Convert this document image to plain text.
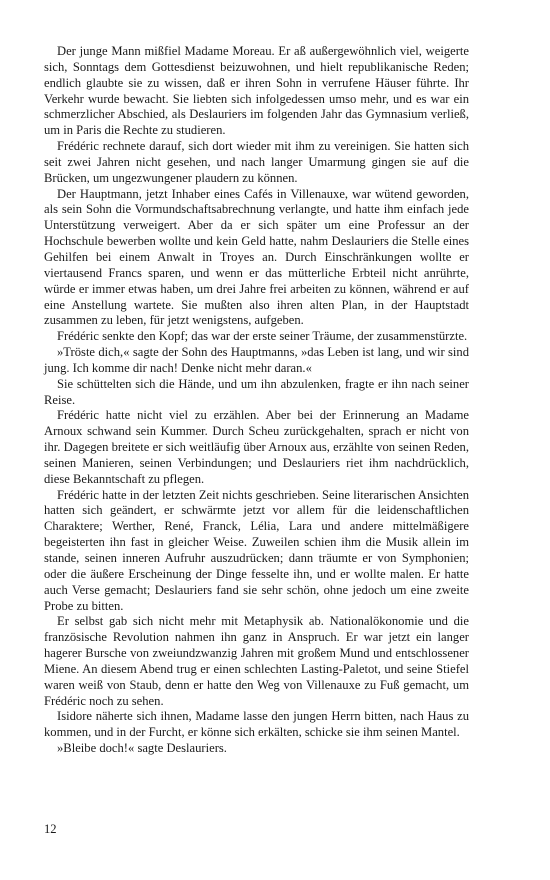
Der junge Mann mißfiel Madame Moreau. Er aß außergewöhnlich viel, weigerte sich, Sonntags dem Gottesdienst beizuwohnen, und hielt republikanische Reden; endlich glaubte sie zu wissen, daß er ihren Sohn in verrufene Häuser führte. Ihr Verkehr wurde bewacht. Sie liebten sich infolgedessen umso mehr, und es war ein schmerzlicher Abschied, als Deslauriers im folgenden Jahr das Gymnasium verließ, um in Paris die Rechte zu studieren.

Frédéric rechnete darauf, sich dort wieder mit ihm zu vereinigen. Sie hatten sich seit zwei Jahren nicht gesehen, und nach langer Umarmung gingen sie auf die Brücken, um ungezwungener plaudern zu können.

Der Hauptmann, jetzt Inhaber eines Cafés in Villenauxe, war wütend geworden, als sein Sohn die Vormundschaftsabrechnung verlangte, und hatte ihm einfach jede Unterstützung verweigert. Aber da er sich später um eine Professur an der Hochschule bewerben wollte und kein Geld hatte, nahm Deslauriers die Stelle eines Gehilfen bei einem Anwalt in Troyes an. Durch Einschränkungen wollte er viertausend Francs sparen, und wenn er das mütterliche Erbteil nicht anrührte, würde er immer etwas haben, um drei Jahre frei arbeiten zu können, während er auf eine Anstellung wartete. Sie mußten also ihren alten Plan, in der Hauptstadt zusammen zu leben, für jetzt wenigstens, aufgeben.

Frédéric senkte den Kopf; das war der erste seiner Träume, der zusammenstürzte.

»Tröste dich,« sagte der Sohn des Hauptmanns, »das Leben ist lang, und wir sind jung. Ich komme dir nach! Denke nicht mehr daran.«

Sie schüttelten sich die Hände, und um ihn abzulenken, fragte er ihn nach seiner Reise.

Frédéric hatte nicht viel zu erzählen. Aber bei der Erinnerung an Madame Arnoux schwand sein Kummer. Durch Scheu zurückgehalten, sprach er nicht von ihr. Dagegen breitete er sich weitläufig über Arnoux aus, erzählte von seinen Reden, seinen Manieren, seinen Verbindungen; und Deslauriers riet ihm nachdrücklich, diese Bekanntschaft zu pflegen.

Frédéric hatte in der letzten Zeit nichts geschrieben. Seine literarischen Ansichten hatten sich geändert, er schwärmte jetzt vor allem für die leidenschaftlichen Charaktere; Werther, René, Franck, Lélia, Lara und andere mittelmäßigere begeisterten ihn fast in gleicher Weise. Zuweilen schien ihm die Musik allein im stande, seinen inneren Aufruhr auszudrücken; dann träumte er von Symphonien; oder die äußere Erscheinung der Dinge fesselte ihn, und er wollte malen. Er hatte auch Verse gemacht; Deslauriers fand sie sehr schön, ohne jedoch um eine zweite Probe zu bitten.

Er selbst gab sich nicht mehr mit Metaphysik ab. Nationalökonomie und die französische Revolution nahmen ihn ganz in Anspruch. Er war jetzt ein langer hagerer Bursche von zweiundzwanzig Jahren mit großem Mund und entschlossener Miene. An diesem Abend trug er einen schlechten Lasting-Paletot, und seine Stiefel waren weiß von Staub, denn er hatte den Weg von Villenauxe zu Fuß gemacht, um Frédéric noch zu sehen.

Isidore näherte sich ihnen, Madame lasse den jungen Herrn bitten, nach Haus zu kommen, und in der Furcht, er könne sich erkälten, schicke sie ihm seinen Mantel.

»Bleibe doch!« sagte Deslauriers.

12
